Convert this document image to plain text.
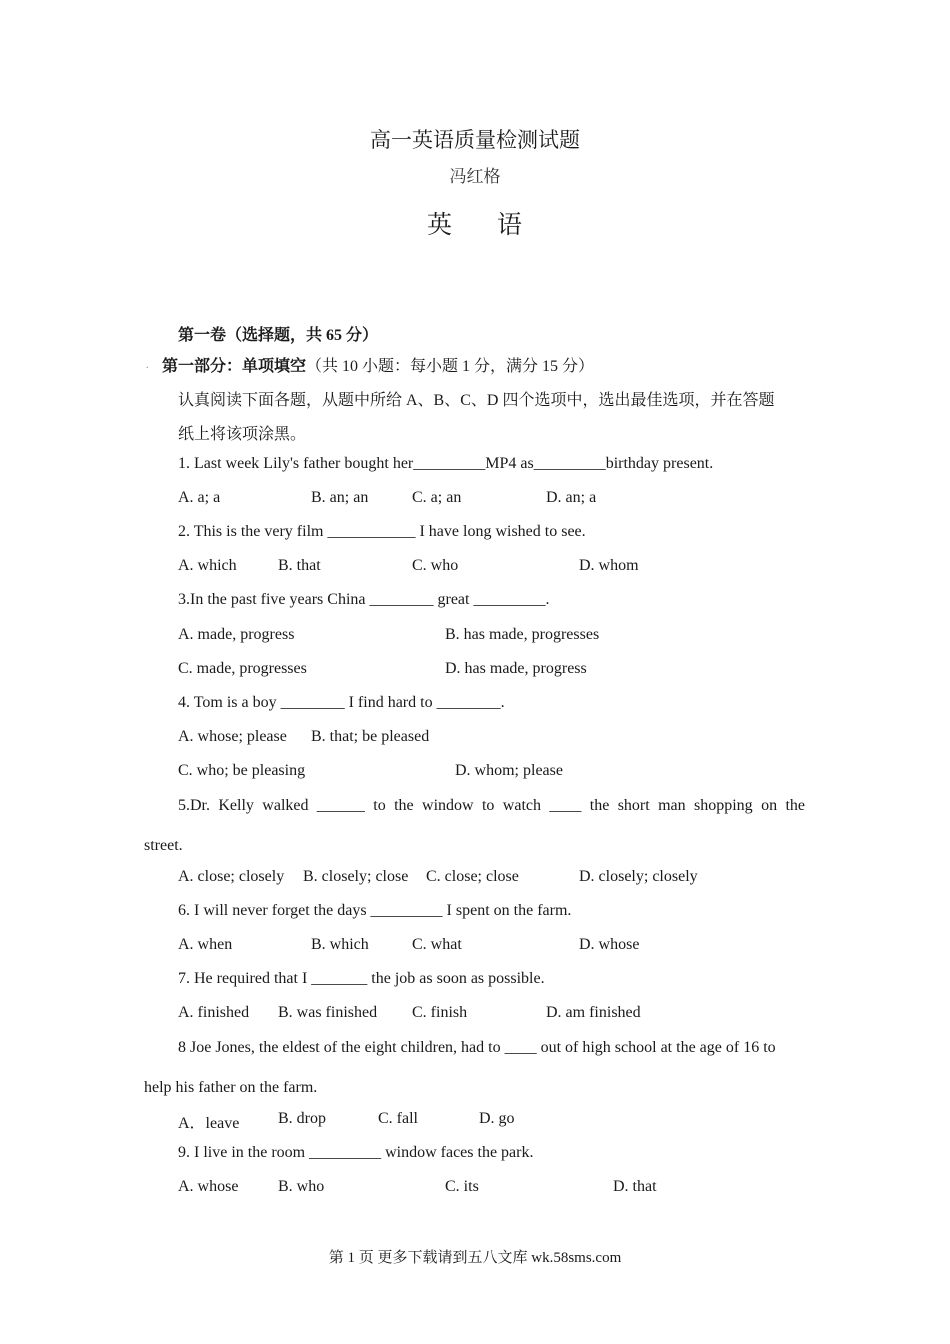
高一英语质量检测试题
冯红格
英 语
第一卷（选择题，共 65 分）
. 第一部分：单项填空（共 10 小题：每小题 1 分，满分 15 分）
认真阅读下面各题，从题中所给 A、B、C、D 四个选项中，选出最佳选项，并在答题
纸上将该项涂黑。
1. Last week Lily's father bought her_________MP4 as_________birthday present.
A. a; a	B. an; an	C. a; an	D. an; a
2. This is the very film ___________ I have long wished to see.
A. which	B. that	C. who	D. whom
3.In the past five years China ________ great _________.
A. made, progress	B. has made, progresses
C. made, progresses	D. has made, progress
4. Tom is a boy ________ I find hard to ________.
A. whose; please B. that; be pleased
C. who; be pleasing	D. whom; please
5.Dr. Kelly walked ______ to the window to watch ____ the short man shopping on the
street.
A. close; closely B. closely; close C. close; close	D. closely; closely
6. I will never forget the days _________ I spent on the farm.
A. when	B. which	C. what	D. whose
7. He required that I _______ the job as soon as possible.
A. finished B. was finished C. finish	D. am finished
8 Joe Jones, the eldest of the eight children, had to ____ out of high school at the age of 16 to
help his father on the farm.
A．leave B. drop	C. fall	D. go
9. I live in the room _________ window faces the park.
A. whose B. who	C. its	D. that
第 1 页 更多下载请到五八文库 wk.58sms.com
